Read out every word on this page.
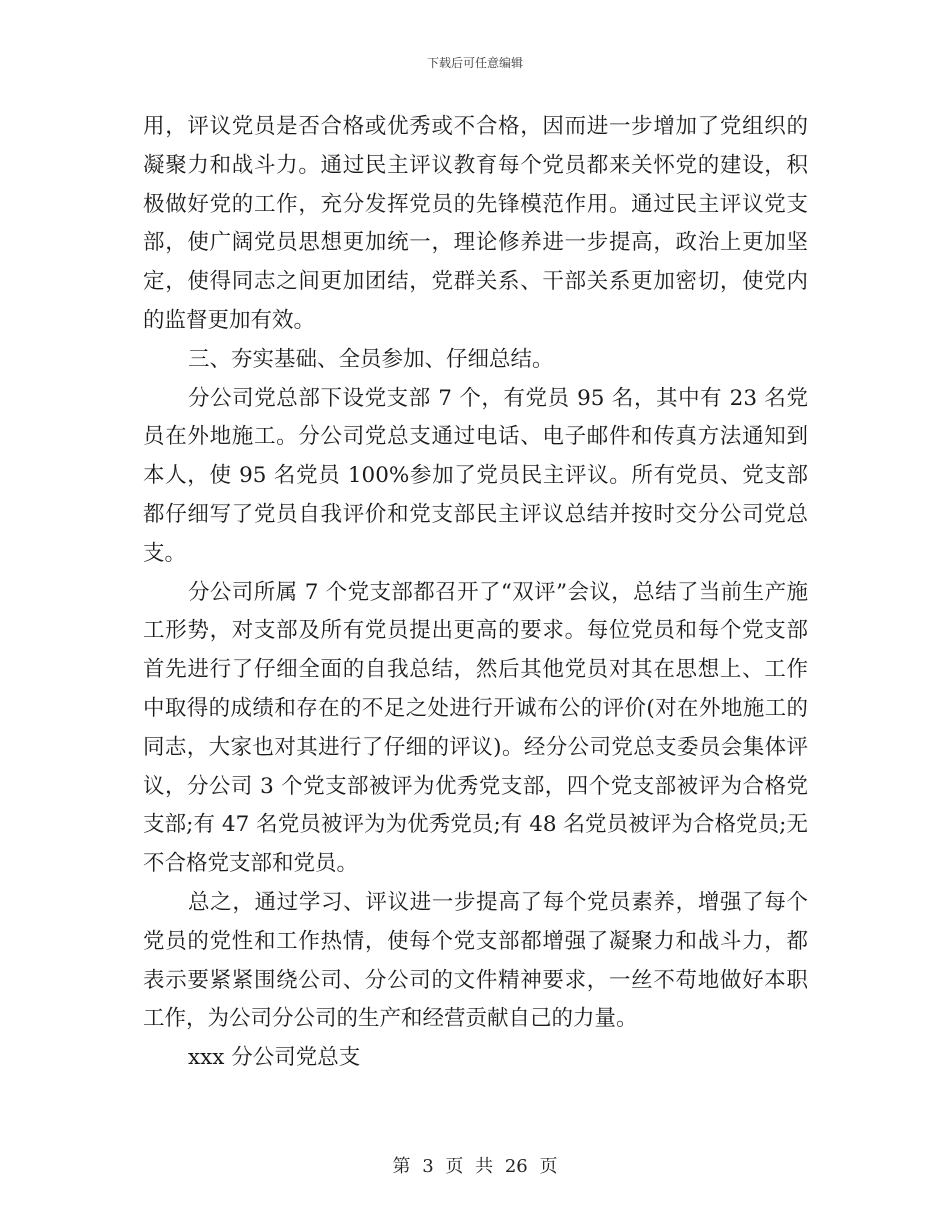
下载后可任意编辑

用，评议党员是否合格或优秀或不合格，因而进一步增加了党组织的凝聚力和战斗力。通过民主评议教育每个党员都来关怀党的建设，积极做好党的工作，充分发挥党员的先锋模范作用。通过民主评议党支部，使广阔党员思想更加统一，理论修养进一步提高，政治上更加坚定，使得同志之间更加团结，党群关系、干部关系更加密切，使党内的监督更加有效。

三、夯实基础、全员参加、仔细总结。

分公司党总部下设党支部 7 个，有党员 95 名，其中有 23 名党员在外地施工。分公司党总支通过电话、电子邮件和传真方法通知到本人，使 95 名党员 100%参加了党员民主评议。所有党员、党支部都仔细写了党员自我评价和党支部民主评议总结并按时交分公司党总支。

分公司所属 7 个党支部都召开了“双评”会议，总结了当前生产施工形势，对支部及所有党员提出更高的要求。每位党员和每个党支部首先进行了仔细全面的自我总结，然后其他党员对其在思想上、工作中取得的成绩和存在的不足之处进行开诚布公的评价(对在外地施工的同志，大家也对其进行了仔细的评议)。经分公司党总支委员会集体评议，分公司 3 个党支部被评为优秀党支部，四个党支部被评为合格党支部;有 47 名党员被评为为优秀党员;有 48 名党员被评为合格党员;无不合格党支部和党员。

总之，通过学习、评议进一步提高了每个党员素养，增强了每个党员的党性和工作热情，使每个党支部都增强了凝聚力和战斗力，都表示要紧紧围绕公司、分公司的文件精神要求，一丝不苟地做好本职工作，为公司分公司的生产和经营贡献自己的力量。

xxx 分公司党总支

第 3 页 共 26 页
